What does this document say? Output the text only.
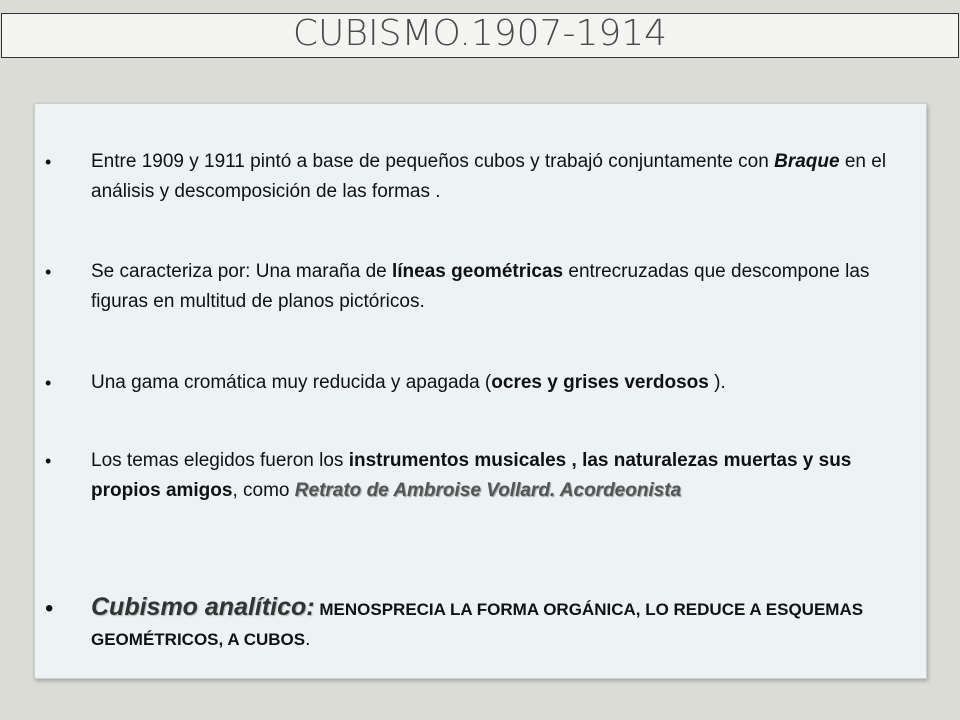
CUBISMO.1907-1914
•	Entre 1909 y 1911 pintó a base de pequeños cubos y trabajó conjuntamente con Braque en el análisis y descomposición de las formas .
•	Se caracteriza por: Una maraña de líneas geométricas entrecruzadas que descompone las figuras en multitud de planos pictóricos.
•	Una gama cromática muy reducida y apagada (ocres y grises verdosos ).
•	Los temas elegidos fueron los instrumentos musicales , las naturalezas muertas y sus propios amigos, como Retrato de Ambroise Vollard. Acordeonista
•	Cubismo analítico: MENOSPRECIA LA FORMA ORGÁNICA, LO REDUCE A ESQUEMAS GEOMÉTRICOS, A CUBOS.
